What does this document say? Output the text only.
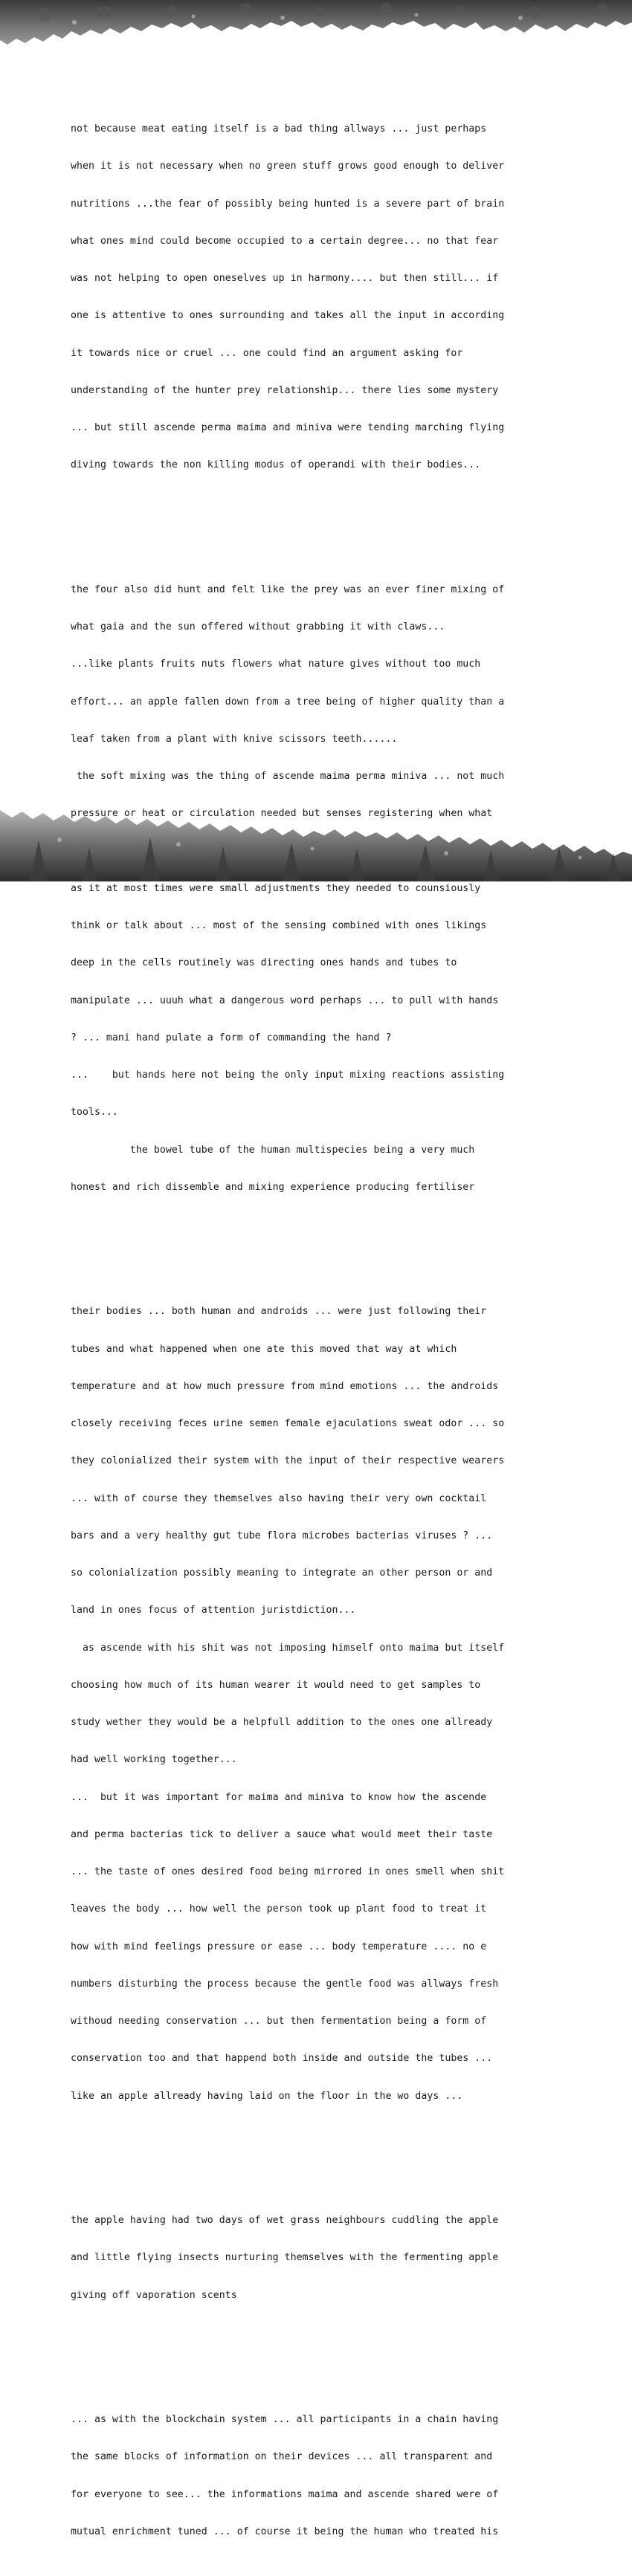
not because meat eating itself is a bad thing allways ... just perhaps

when it is not necessary when no green stuff grows good enough to deliver

nutritions ...the fear of possibly being hunted is a severe part of brain

what ones mind could become occupied to a certain degree... no that fear

was not helping to open oneselves up in harmony.... but then still... if

one is attentive to ones surrounding and takes all the input in according

it towards nice or cruel ... one could find an argument asking for

understanding of the hunter prey relationship... there lies some mystery

... but still ascende perma maima and miniva were tending marching flying

diving towards the non killing modus of operandi with their bodies...

the four also did hunt and felt like the prey was an ever finer mixing of

what gaia and the sun offered without grabbing it with claws...

...like plants fruits nuts flowers what nature gives without too much

effort... an apple fallen down from a tree being of higher quality than a

leaf taken from a plant with knive scissors teeth......

the soft mixing was the thing of ascende maima perma miniva ... not much

pressure or heat or circulation needed but senses registering when what

as it at most times were small adjustments they needed to counsiously

think or talk about ... most of the sensing combined with ones likings

deep in the cells routinely was directing ones hands and tubes to

manipulate ... uuuh what a dangerous word perhaps ... to pull with hands

? ... mani hand pulate a form of commanding the hand ?

...    but hands here not being the only input mixing reactions assisting

tools...

the bowel tube of the human multispecies being a very much

honest and rich dissemble and mixing experience producing fertiliser

their bodies ... both human and androids ... were just following their

tubes and what happened when one ate this moved that way at which

temperature and at how much pressure from mind emotions ... the androids

closely receiving feces urine semen female ejaculations sweat odor ... so

they colonialized their system with the input of their respective wearers

... with of course they themselves also having their very own cocktail

bars and a very healthy gut tube flora microbes bacterias viruses ? ...

so colonialization possibly meaning to integrate an other person or and

land in ones focus of attention juristdiction...

as ascende with his shit was not imposing himself onto maima but itself

choosing how much of its human wearer it would need to get samples to

study wether they would be a helpfull addition to the ones one allready

had well working together...

...  but it was important for maima and miniva to know how the ascende

and perma bacterias tick to deliver a sauce what would meet their taste

... the taste of ones desired food being mirrored in ones smell when shit

leaves the body ... how well the person took up plant food to treat it

how with mind feelings pressure or ease ... body temperature .... no e

numbers disturbing the process because the gentle food was allways fresh

withoud needing conservation ... but then fermentation being a form of

conservation too and that happend both inside and outside the tubes ...

like an apple allready having laid on the floor in the wo days ...

the apple having had two days of wet grass neighbours cuddling the apple

and little flying insects nurturing themselves with the fermenting apple

giving off vaporation scents

... as with the blockchain system ... all participants in a chain having

the same blocks of information on their devices ... all transparent and

for everyone to see... the informations maima and ascende shared were of

mutual enrichment tuned ... of course it being the human who treated his
